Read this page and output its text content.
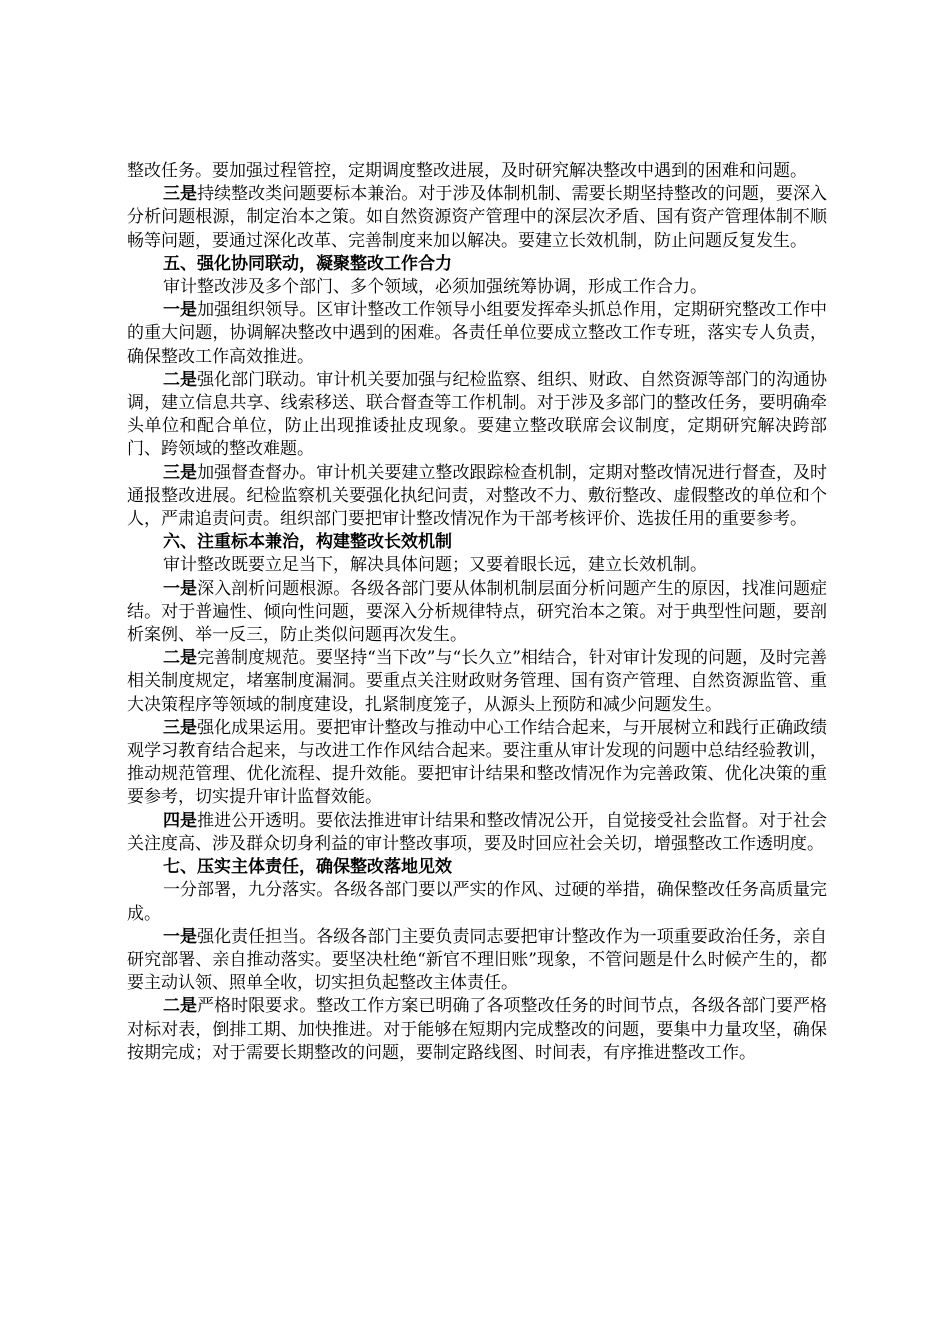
整改任务。要加强过程管控，定期调度整改进展，及时研究解决整改中遇到的困难和问题。

三是持续整改类问题要标本兼治。对于涉及体制机制、需要长期坚持整改的问题，要深入分析问题根源，制定治本之策。如自然资源资产管理中的深层次矛盾、国有资产管理体制不顺畅等问题，要通过深化改革、完善制度来加以解决。要建立长效机制，防止问题反复发生。

五、强化协同联动，凝聚整改工作合力

审计整改涉及多个部门、多个领域，必须加强统筹协调，形成工作合力。

一是加强组织领导。区审计整改工作领导小组要发挥牵头抓总作用，定期研究整改工作中的重大问题，协调解决整改中遇到的困难。各责任单位要成立整改工作专班，落实专人负责，确保整改工作高效推进。

二是强化部门联动。审计机关要加强与纪检监察、组织、财政、自然资源等部门的沟通协调，建立信息共享、线索移送、联合督查等工作机制。对于涉及多部门的整改任务，要明确牵头单位和配合单位，防止出现推诿扯皮现象。要建立整改联席会议制度，定期研究解决跨部门、跨领域的整改难题。

三是加强督查督办。审计机关要建立整改跟踪检查机制，定期对整改情况进行督查，及时通报整改进展。纪检监察机关要强化执纪问责，对整改不力、敷衍整改、虚假整改的单位和个人，严肃追责问责。组织部门要把审计整改情况作为干部考核评价、选拔任用的重要参考。

六、注重标本兼治，构建整改长效机制

审计整改既要立足当下，解决具体问题；又要着眼长远，建立长效机制。

一是深入剖析问题根源。各级各部门要从体制机制层面分析问题产生的原因，找准问题症结。对于普遍性、倾向性问题，要深入分析规律特点，研究治本之策。对于典型性问题，要剖析案例、举一反三，防止类似问题再次发生。

二是完善制度规范。要坚持“当下改”与“长久立”相结合，针对审计发现的问题，及时完善相关制度规定，堵塞制度漏洞。要重点关注财政财务管理、国有资产管理、自然资源监管、重大决策程序等领域的制度建设，扎紧制度笼子，从源头上预防和减少问题发生。

三是强化成果运用。要把审计整改与推动中心工作结合起来，与开展树立和践行正确政绩观学习教育结合起来，与改进工作作风结合起来。要注重从审计发现的问题中总结经验教训，推动规范管理、优化流程、提升效能。要把审计结果和整改情况作为完善政策、优化决策的重要参考，切实提升审计监督效能。

四是推进公开透明。要依法推进审计结果和整改情况公开，自觉接受社会监督。对于社会关注度高、涉及群众切身利益的审计整改事项，要及时回应社会关切，增强整改工作透明度。

七、压实主体责任，确保整改落地见效

一分部署，九分落实。各级各部门要以严实的作风、过硬的举措，确保整改任务高质量完成。

一是强化责任担当。各级各部门主要负责同志要把审计整改作为一项重要政治任务，亲自研究部署、亲自推动落实。要坚决杜绝“新官不理旧账”现象，不管问题是什么时候产生的，都要主动认领、照单全收，切实担负起整改主体责任。

二是严格时限要求。整改工作方案已明确了各项整改任务的时间节点，各级各部门要严格对标对表，倒排工期、加快推进。对于能够在短期内完成整改的问题，要集中力量攻坚，确保按期完成；对于需要长期整改的问题，要制定路线图、时间表，有序推进整改工作。
